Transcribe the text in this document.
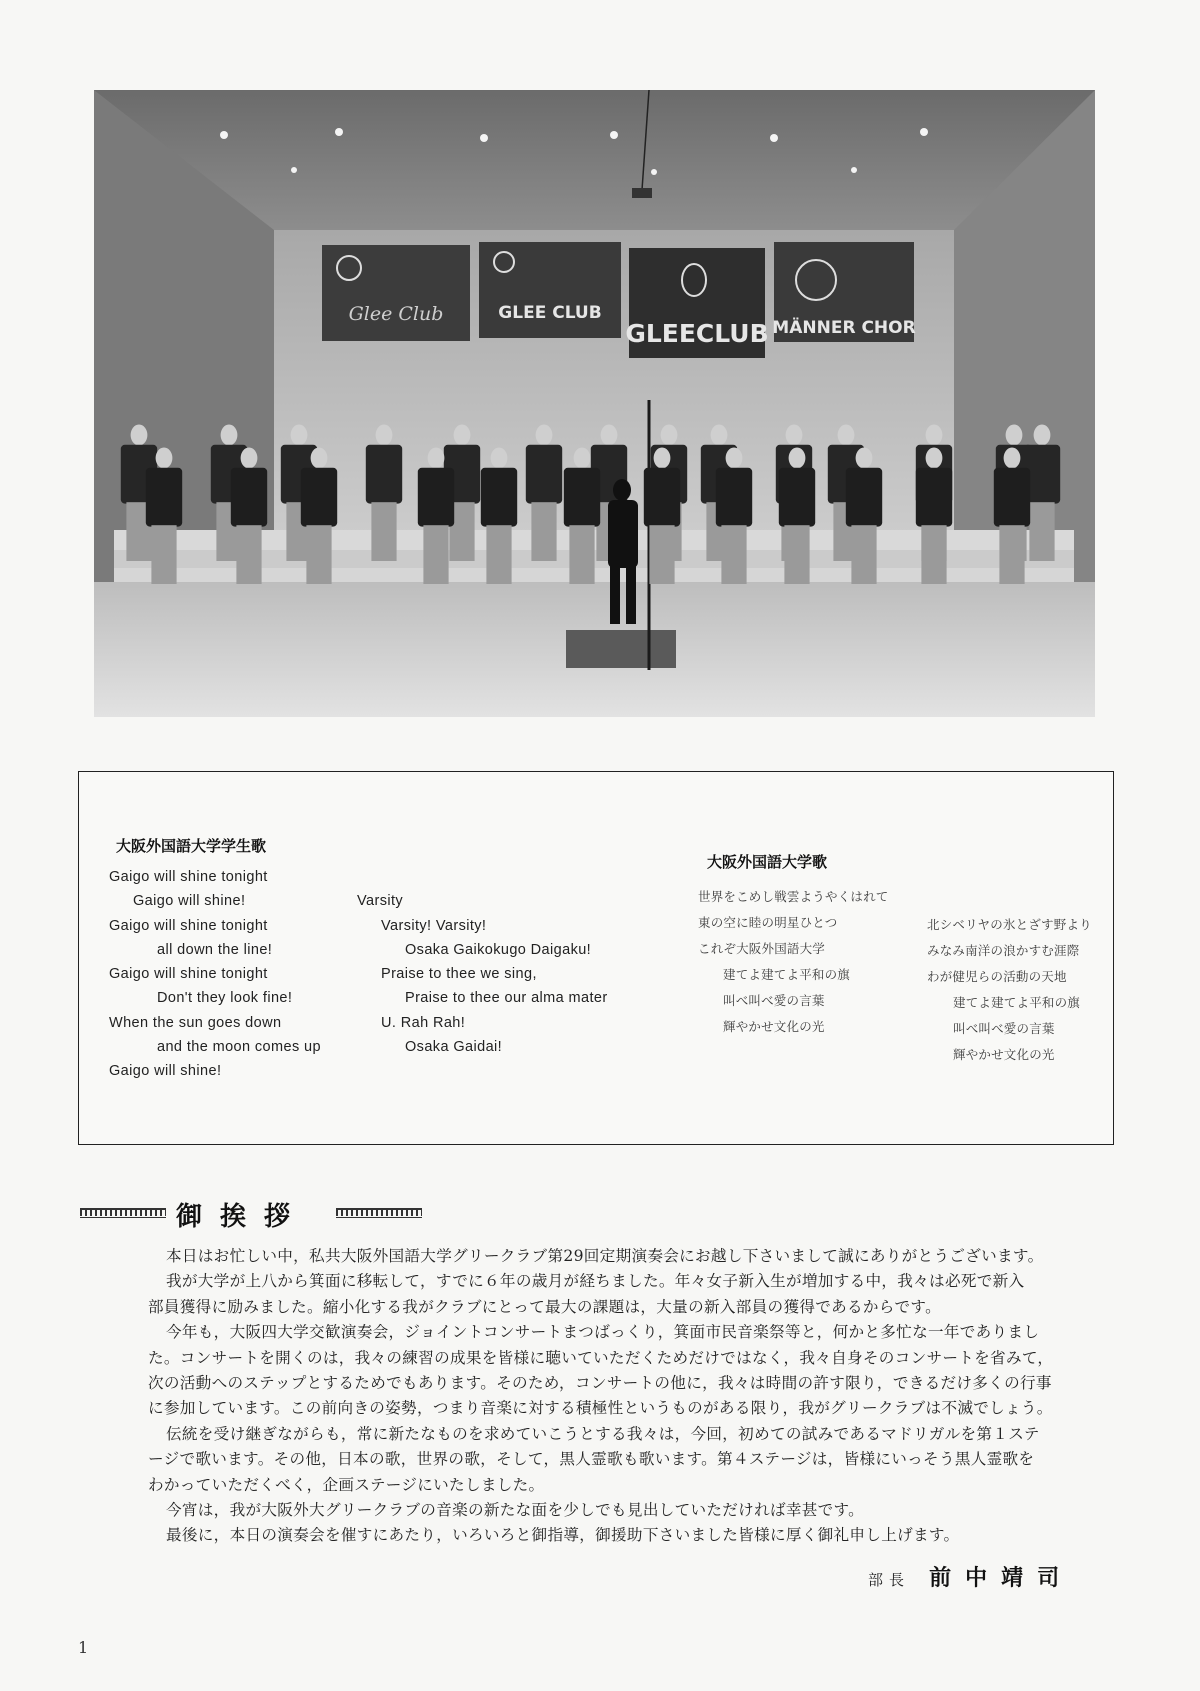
Glee Club	GLEE CLUB
GLEECLUB MÄNNER CHOR
大阪外国語大学学生歌
Gaigo will shine tonight
Gaigo will shine!
Gaigo will shine tonight
all down the line!
Gaigo will shine tonight
Don't they look fine!
When the sun goes down
and the moon comes up
Gaigo will shine!
Varsity
Varsity! Varsity!
Osaka Gaikokugo Daigaku!
Praise to thee we sing,
Praise to thee our alma mater
U. Rah Rah!
Osaka Gaidai!
大阪外国語大学歌
世界をこめし戦雲ようやくはれて
東の空に睦の明星ひとつ
これぞ大阪外国語大学
建てよ建てよ平和の旗
叫べ叫べ愛の言葉
輝やかせ文化の光
北シベリヤの氷とざす野より
みなみ南洋の浪かすむ涯際
わが健児らの活動の天地
建てよ建てよ平和の旗
叫べ叫べ愛の言葉
輝やかせ文化の光
御挨拶

本日はお忙しい中，私共大阪外国語大学グリークラブ第29回定期演奏会にお越し下さいまして誠にありがとうございます。

我が大学が上八から箕面に移転して，すでに６年の歳月が経ちました。年々女子新入生が増加する中，我々は必死で新入

部員獲得に励みました。縮小化する我がクラブにとって最大の課題は，大量の新入部員の獲得であるからです。

今年も，大阪四大学交歓演奏会，ジョイントコンサートまつばっくり，箕面市民音楽祭等と，何かと多忙な一年でありまし

た。コンサートを開くのは，我々の練習の成果を皆様に聴いていただくためだけではなく，我々自身そのコンサートを省みて，

次の活動へのステップとするためでもあります。そのため，コンサートの他に，我々は時間の許す限り，できるだけ多くの行事

に参加しています。この前向きの姿勢，つまり音楽に対する積極性というものがある限り，我がグリークラブは不滅でしょう。

伝統を受け継ぎながらも，常に新たなものを求めていこうとする我々は，今回，初めての試みであるマドリガルを第１ステ

ージで歌います。その他，日本の歌，世界の歌，そして，黒人霊歌も歌います。第４ステージは，皆様にいっそう黒人霊歌を

わかっていただくべく，企画ステージにいたしました。

今宵は，我が大阪外大グリークラブの音楽の新たな面を少しでも見出していただければ幸甚です。

最後に，本日の演奏会を催すにあたり，いろいろと御指導，御援助下さいました皆様に厚く御礼申し上げます。

部長 前中靖司
1
